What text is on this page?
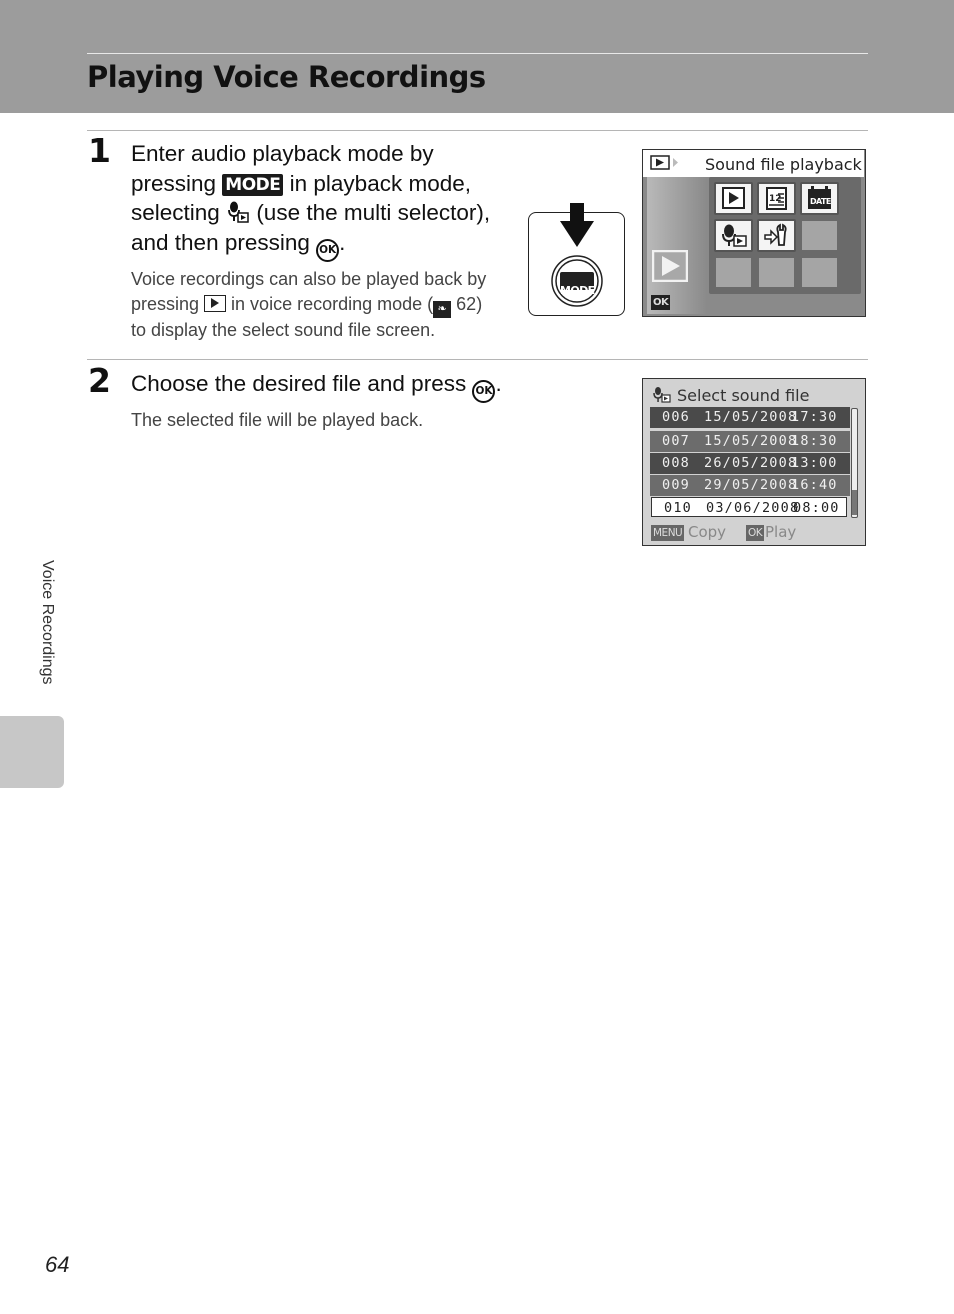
Playing Voice Recordings
1 Enter audio playback mode by
pressing MODE in playback mode,
selecting  (use the multi selector),
and then pressing OK .
Voice recordings can also be played back by
pressing  in voice recording mode ( ❧ 62)
to display the select sound file screen.
MODE
Sound file playback
OK
12	DATE
2 Choose the desired file and press OK .
The selected file will be played back.
Select sound file
006 15/05/2008
17:30
007 15/05/2008
18:30
008 26/05/2008
13:00
009 29/05/2008
16:40
010 03/06/2008
08:00
MENU Copy OK Play
Voice Recordings
64
